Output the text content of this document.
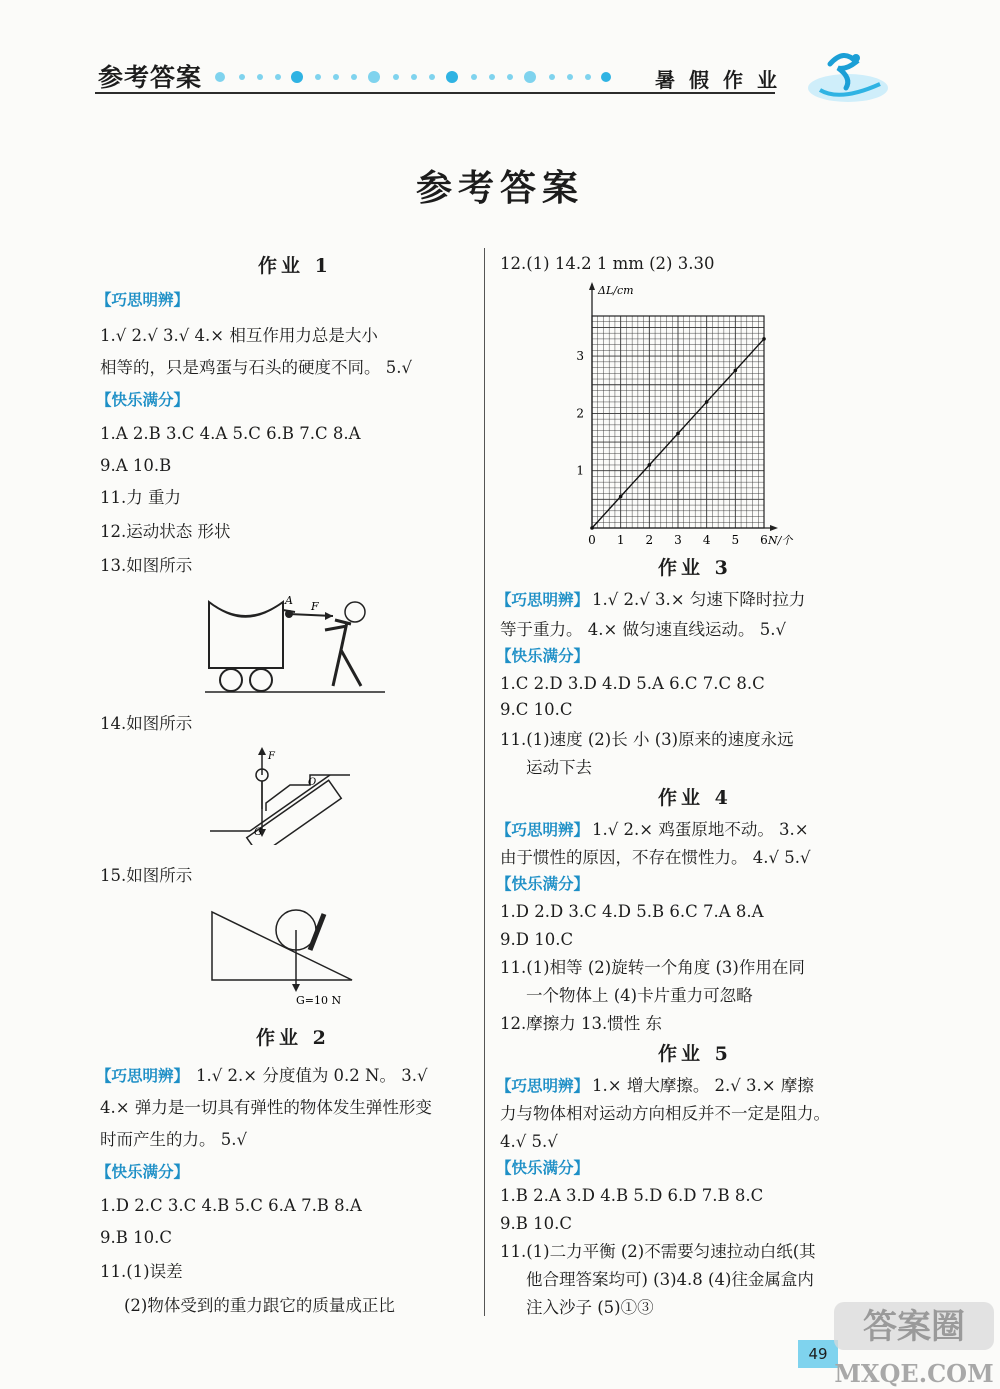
参考答案	暑假作业
参考答案
作业 1
【巧思明辨】
1.√ 2.√ 3.√ 4.× 相互作用力总是大小
相等的，只是鸡蛋与石头的硬度不同。 5.√
【快乐满分】
1.A 2.B 3.C 4.A 5.C 6.B 7.C 8.A
9.A 10.B
11.力 重力
12.运动状态 形状
13.如图所示
A F
14.如图所示
F
G
O
15.如图所示
G=10 N
作业 2
【巧思明辨】 1.√ 2.× 分度值为 0.2 N。 3.√
4.× 弹力是一切具有弹性的物体发生弹性形变
时而产生的力。 5.√
【快乐满分】
1.D 2.C 3.C 4.B 5.C 6.A 7.B 8.A
9.B 10.C
11.(1)误差
(2)物体受到的重力跟它的质量成正比
12.(1) 14.2 1 mm (2) 3.30
0 1 2 3 4 5 6
1
2
3
ΔL/cm
N/个
作业 3
【巧思明辨】 1.√ 2.√ 3.× 匀速下降时拉力
等于重力。 4.× 做匀速直线运动。 5.√
【快乐满分】
1.C 2.D 3.D 4.D 5.A 6.C 7.C 8.C
9.C 10.C
11.(1)速度 (2)长 小 (3)原来的速度永远
运动下去
作业 4
【巧思明辨】 1.√ 2.× 鸡蛋原地不动。 3.×
由于惯性的原因，不存在惯性力。 4.√ 5.√
【快乐满分】
1.D 2.D 3.C 4.D 5.B 6.C 7.A 8.A
9.D 10.C
11.(1)相等 (2)旋转一个角度 (3)作用在同
一个物体上 (4)卡片重力可忽略
12.摩擦力 13.惯性 东
作业 5
【巧思明辨】 1.× 增大摩擦。 2.√ 3.× 摩擦
力与物体相对运动方向相反并不一定是阻力。
4.√ 5.√
【快乐满分】
1.B 2.A 3.D 4.B 5.D 6.D 7.B 8.C
9.B 10.C
11.(1)二力平衡 (2)不需要匀速拉动白纸(其
他合理答案均可) (3)4.8 (4)往金属盒内
注入沙子 (5)①③
49
答案圈
MXQE.COM
